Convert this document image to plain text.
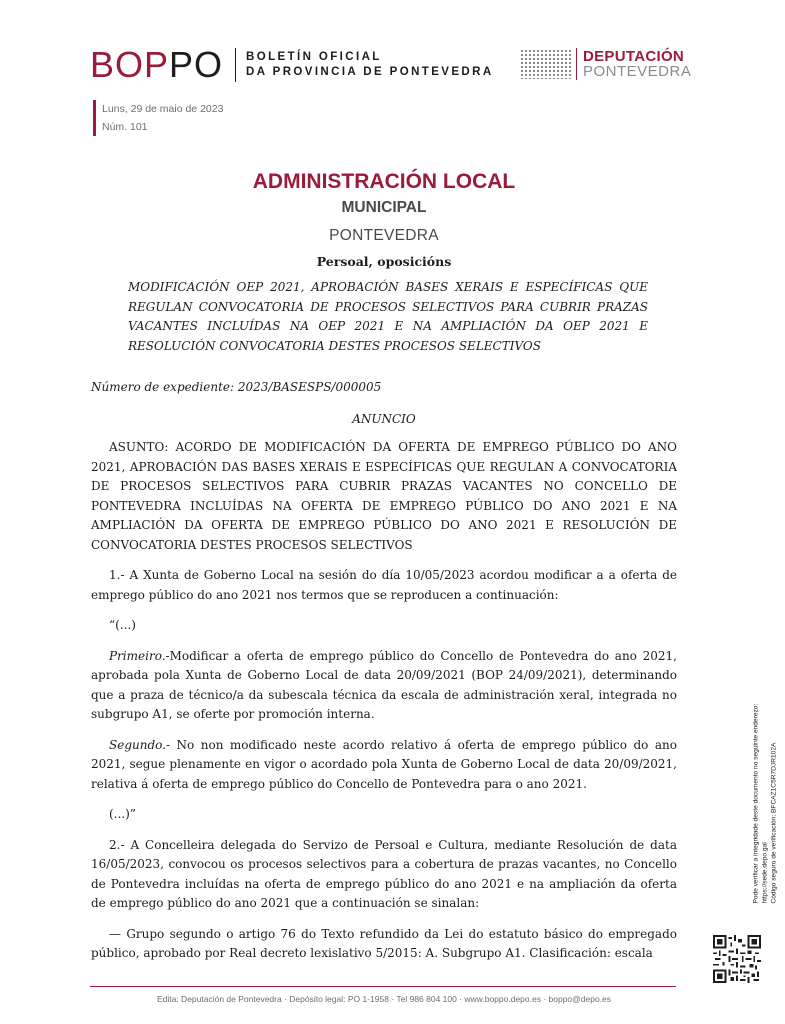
BOPPO BOLETÍN OFICIAL
DA PROVINCIA DE PONTEVEDRA
DEPUTACIÓN
PONTEVEDRA
Luns, 29 de maio de 2023
Núm. 101
ADMINISTRACIÓN LOCAL
MUNICIPAL
PONTEVEDRA
Persoal, oposicións
MODIFICACIÓN OEP 2021, APROBACIÓN BASES XERAIS E ESPECÍFICAS QUE REGULAN CONVOCATORIA DE PROCESOS SELECTIVOS PARA CUBRIR PRAZAS VACANTES INCLUÍDAS NA OEP 2021 E NA AMPLIACIÓN DA OEP 2021 E RESOLUCIÓN CONVOCATORIA DESTES PROCESOS SELECTIVOS

Número de expediente: 2023/BASESPS/000005

ANUNCIO

ASUNTO: ACORDO DE MODIFICACIÓN DA OFERTA DE EMPREGO PÚBLICO DO ANO 2021, APROBACIÓN DAS BASES XERAIS E ESPECÍFICAS QUE REGULAN A CONVOCATORIA DE PROCESOS SELECTIVOS PARA CUBRIR PRAZAS VACANTES NO CONCELLO DE PONTEVEDRA INCLUÍDAS NA OFERTA DE EMPREGO PÚBLICO DO ANO 2021 E NA AMPLIACIÓN DA OFERTA DE EMPREGO PÚBLICO DO ANO 2021 E RESOLUCIÓN DE CONVOCATORIA DESTES PROCESOS SELECTIVOS

1.- A Xunta de Goberno Local na sesión do día 10/05/2023 acordou modificar a a oferta de emprego público do ano 2021 nos termos que se reproducen a continuación:

“(...)

Primeiro.-Modificar a oferta de emprego público do Concello de Pontevedra do ano 2021, aprobada pola Xunta de Goberno Local de data 20/09/2021 (BOP 24/09/2021), determinando que a praza de técnico/a da subescala técnica da escala de administración xeral, integrada no subgrupo A1, se oferte por promoción interna.

Segundo.- No non modificado neste acordo relativo á oferta de emprego público do ano 2021, segue plenamente en vigor o acordado pola Xunta de Goberno Local de data 20/09/2021, relativa á oferta de emprego público do Concello de Pontevedra para o ano 2021.

(...)”

2.- A Concelleira delegada do Servizo de Persoal e Cultura, mediante Resolución de data 16/05/2023, convocou os procesos selectivos para a cobertura de prazas vacantes, no Concello de Pontevedra incluídas na oferta de emprego público do ano 2021 e na ampliación da oferta de emprego público do ano 2021 que a continuación se sinalan:

— Grupo segundo o artigo 76 do Texto refundido da Lei do estatuto básico do empregado público, aprobado por Real decreto lexislativo 5/2015: A. Subgrupo A1. Clasificación: escala

Pode verificar a integridade deste documento no seguinte enderezo: https://sede.depo.gal Código seguro de verificación: BFCAZ1C5R7DJR102A
Edita: Deputación de Pontevedra · Depósito legal: PO 1-1958 · Tel 986 804 100 · www.boppo.depo.es · boppo@depo.es
